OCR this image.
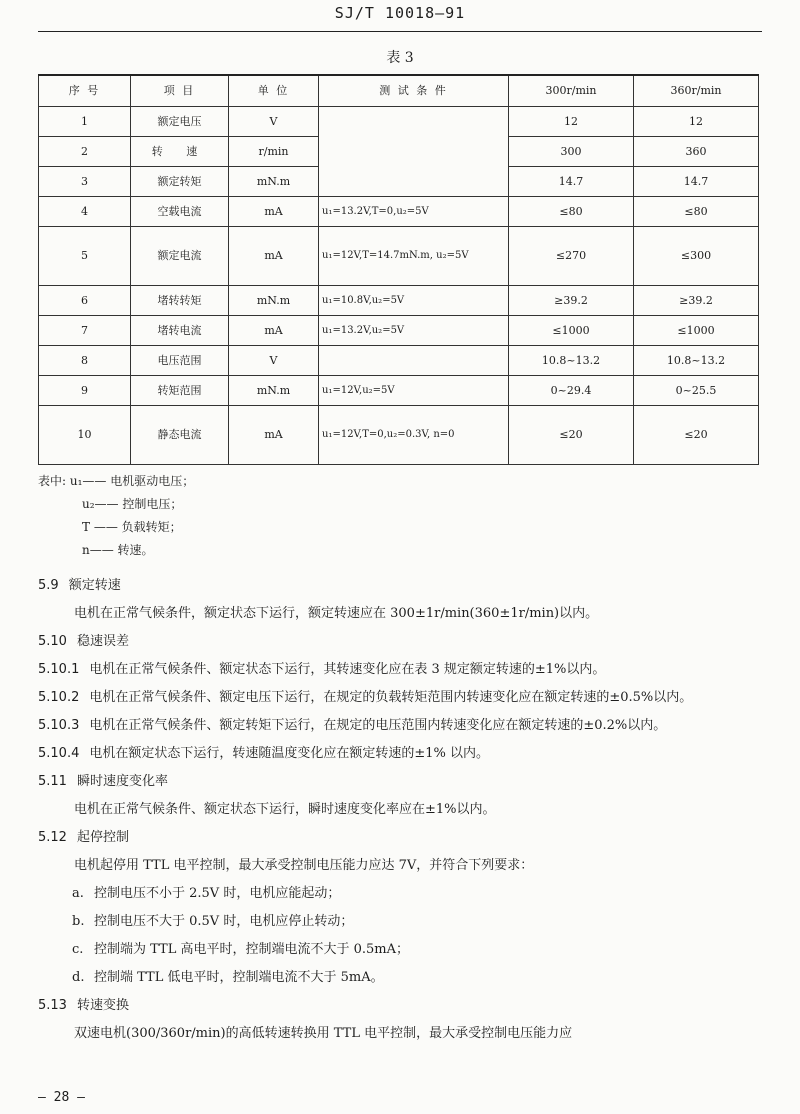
SJ/T 10018—91
表 3
序 号	项 目	单 位	测 试 条 件	300r/min	360r/min
1	额定电压	V		12	12
2	转 速	r/min		300	360
3	额定转矩	mN.m		14.7	14.7
4	空载电流	mA	u₁=13.2V,T=0,u₂=5V	≤80	≤80
5	额定电流	mA	u₁=12V,T=14.7mN.m, u₂=5V	≤270	≤300
6	堵转转矩	mN.m	u₁=10.8V,u₂=5V	≥39.2	≥39.2
7	堵转电流	mA	u₁=13.2V,u₂=5V	≤1000	≤1000
8	电压范围	V		10.8~13.2	10.8~13.2
9	转矩范围	mN.m	u₁=12V,u₂=5V	0~29.4	0~25.5
10	静态电流	mA	u₁=12V,T=0,u₂=0.3V, n=0	≤20	≤20
表中: u₁—— 电机驱动电压；
u₂—— 控制电压；
T —— 负载转矩；
n—— 转速。

5.9 额定转速

电机在正常气候条件，额定状态下运行，额定转速应在 300±1r/min(360±1r/min)以内。

5.10 稳速误差

5.10.1 电机在正常气候条件、额定状态下运行，其转速变化应在表 3 规定额定转速的±1%以内。

5.10.2 电机在正常气候条件、额定电压下运行，在规定的负载转矩范围内转速变化应在额定转速的±0.5%以内。

5.10.3 电机在正常气候条件、额定转矩下运行，在规定的电压范围内转速变化应在额定转速的±0.2%以内。

5.10.4 电机在额定状态下运行，转速随温度变化应在额定转速的±1% 以内。

5.11 瞬时速度变化率

电机在正常气候条件、额定状态下运行，瞬时速度变化率应在±1%以内。

5.12 起停控制

电机起停用 TTL 电平控制，最大承受控制电压能力应达 7V，并符合下列要求：

a. 控制电压不小于 2.5V 时，电机应能起动；

b. 控制电压不大于 0.5V 时，电机应停止转动；

c. 控制端为 TTL 高电平时，控制端电流不大于 0.5mA；

d. 控制端 TTL 低电平时，控制端电流不大于 5mA。

5.13 转速变换

双速电机(300/360r/min)的高低转速转换用 TTL 电平控制，最大承受控制电压能力应

— 28 —
